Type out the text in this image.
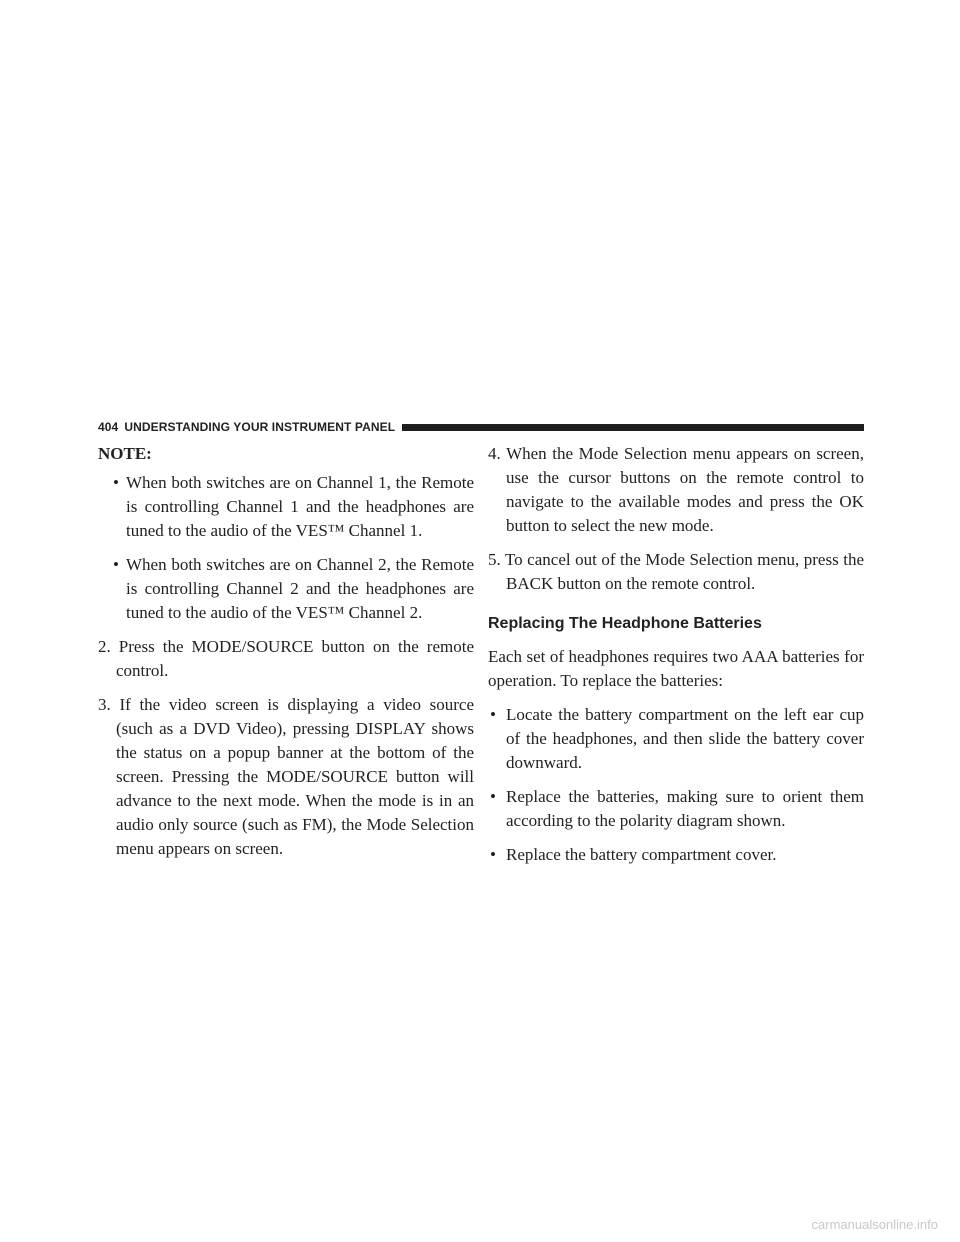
404 UNDERSTANDING YOUR INSTRUMENT PANEL
NOTE:
• When both switches are on Channel 1, the Remote is controlling Channel 1 and the headphones are tuned to the audio of the VES™ Channel 1.
• When both switches are on Channel 2, the Remote is controlling Channel 2 and the headphones are tuned to the audio of the VES™ Channel 2.
2. Press the MODE/SOURCE button on the remote control.
3. If the video screen is displaying a video source (such as a DVD Video), pressing DISPLAY shows the status on a popup banner at the bottom of the screen. Pressing the MODE/SOURCE button will advance to the next mode. When the mode is in an audio only source (such as FM), the Mode Selection menu appears on screen.
4. When the Mode Selection menu appears on screen, use the cursor buttons on the remote control to navigate to the available modes and press the OK button to select the new mode.
5. To cancel out of the Mode Selection menu, press the BACK button on the remote control.
Replacing The Headphone Batteries
Each set of headphones requires two AAA batteries for operation. To replace the batteries:
• Locate the battery compartment on the left ear cup of the headphones, and then slide the battery cover downward.
• Replace the batteries, making sure to orient them according to the polarity diagram shown.
• Replace the battery compartment cover.
carmanualsonline.info
